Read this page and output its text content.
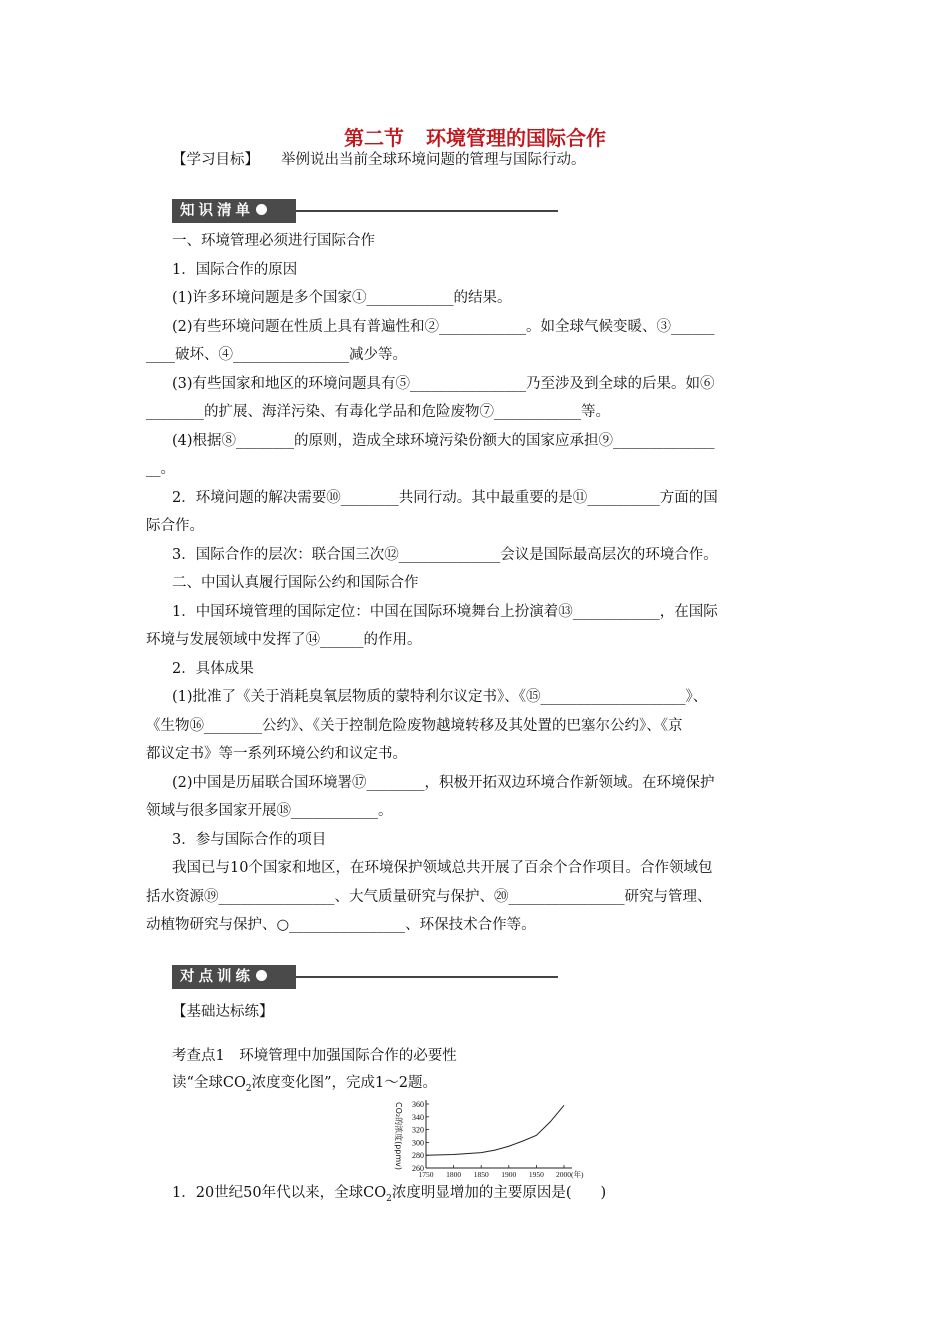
第二节 环境管理的国际合作
【学习目标】 举例说出当前全球环境问题的管理与国际行动。
知识清单
一、环境管理必须进行国际合作
1．国际合作的原因
(1)许多环境问题是多个国家①____________的结果。
(2)有些环境问题在性质上具有普遍性和②____________。如全球气候变暖、③______
____破坏、④________________减少等。
(3)有些国家和地区的环境问题具有⑤________________乃至涉及到全球的后果。如⑥
________的扩展、海洋污染、有毒化学品和危险废物⑦____________等。
(4)根据⑧________的原则，造成全球环境污染份额大的国家应承担⑨______________
__。
2．环境问题的解决需要⑩________共同行动。其中最重要的是⑪__________方面的国
际合作。
3．国际合作的层次：联合国三次⑫______________会议是国际最高层次的环境合作。
二、中国认真履行国际公约和国际合作
1．中国环境管理的国际定位：中国在国际环境舞台上扮演着⑬____________，在国际
环境与发展领域中发挥了⑭______的作用。
2．具体成果
(1)批准了《关于消耗臭氧层物质的蒙特利尔议定书》、《⑮____________________》、
《生物⑯________公约》、《关于控制危险废物越境转移及其处置的巴塞尔公约》、《京
都议定书》等一系列环境公约和议定书。
(2)中国是历届联合国环境署⑰________，积极开拓双边环境合作新领域。在环境保护
领域与很多国家开展⑱____________。
3．参与国际合作的项目
我国已与10个国家和地区，在环境保护领域总共开展了百余个合作项目。合作领域包
括水资源⑲________________、大气质量研究与保护、⑳________________研究与管理、
动植物研究与保护、○________________、环保技术合作等。
对点训练
【基础达标练】
考查点1　环境管理中加强国际合作的必要性
读“全球$CO_2$浓度变化图”，完成1～2题。
260
280
300
320
340
360
1750 1800 1850 1900 1950 2000(年)
CO₂的浓度(ppmv)
1．20世纪50年代以来，全球$CO_2$浓度明显增加的主要原因是(　　)
